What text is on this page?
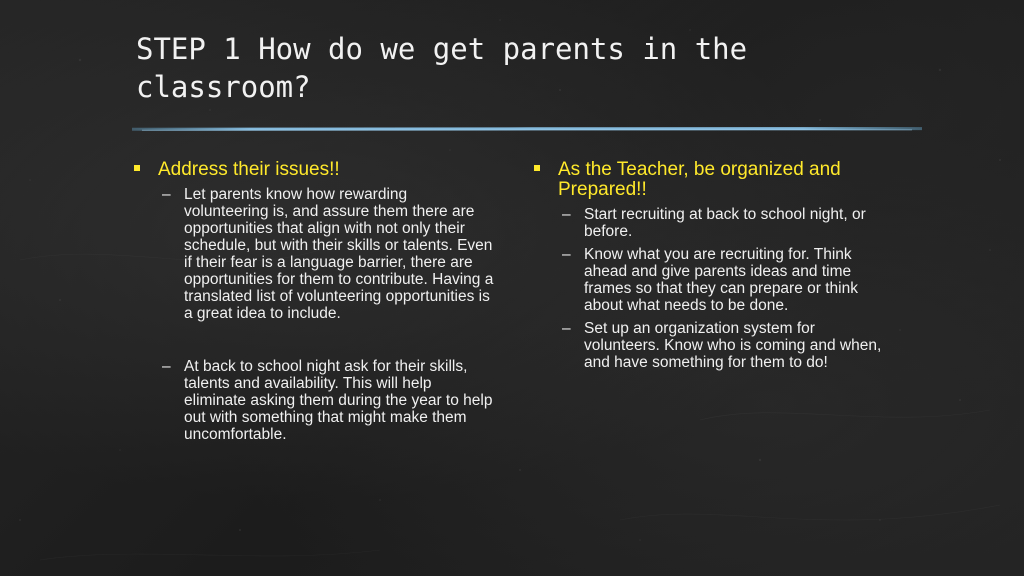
STEP 1 How do we get parents in the classroom?
Address their issues!!
– Let parents know how rewarding volunteering is, and assure them there are opportunities that align with not only their schedule, but with their skills or talents. Even if their fear is a language barrier, there are opportunities for them to contribute. Having a translated list of volunteering opportunities is a great idea to include.
– At back to school night ask for their skills, talents and availability. This will help eliminate asking them during the year to help out with something that might make them uncomfortable.
As the Teacher, be organized and Prepared!!
– Start recruiting at back to school night, or before.
– Know what you are recruiting for. Think ahead and give parents ideas and time frames so that they can prepare or think about what needs to be done.
– Set up an organization system for volunteers. Know who is coming and when, and have something for them to do!
